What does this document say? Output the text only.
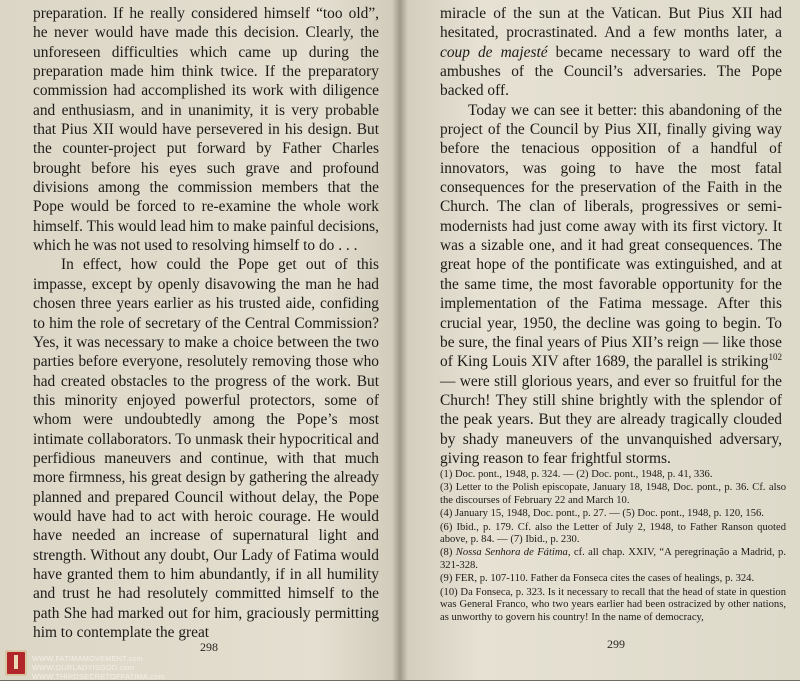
preparation. If he really considered himself “too old”, he never would have made this decision. Clearly, the unforeseen difficulties which came up during the preparation made him think twice. If the preparatory commission had accomplished its work with diligence and enthusiasm, and in unanimity, it is very probable that Pius XII would have persevered in his design. But the counter-project put forward by Father Charles brought before his eyes such grave and profound divisions among the commission members that the Pope would be forced to re-examine the whole work himself. This would lead him to make painful decisions, which he was not used to resolving himself to do . . .

In effect, how could the Pope get out of this impasse, except by openly disavowing the man he had chosen three years earlier as his trusted aide, confiding to him the role of secretary of the Central Commission? Yes, it was necessary to make a choice between the two parties before everyone, resolutely removing those who had created obstacles to the progress of the work. But this minority enjoyed powerful protectors, some of whom were undoubtedly among the Pope’s most intimate collaborators. To unmask their hypocritical and perfidious maneuvers and continue, with that much more firmness, his great design by gathering the already planned and prepared Council without delay, the Pope would have had to act with heroic courage. He would have needed an increase of supernatural light and strength. Without any doubt, Our Lady of Fatima would have granted them to him abundantly, if in all humility and trust he had resolutely committed himself to the path She had marked out for him, graciously permitting him to contemplate the great

298

miracle of the sun at the Vatican. But Pius XII had hesitated, procrastinated. And a few months later, a coup de majesté became necessary to ward off the ambushes of the Council’s adversaries. The Pope backed off.

Today we can see it better: this abandoning of the project of the Council by Pius XII, finally giving way before the tenacious opposition of a handful of innovators, was going to have the most fatal consequences for the preservation of the Faith in the Church. The clan of liberals, progressives or semi-modernists had just come away with its first victory. It was a sizable one, and it had great consequences. The great hope of the pontificate was extinguished, and at the same time, the most favorable opportunity for the implementation of the Fatima message. After this crucial year, 1950, the decline was going to begin. To be sure, the final years of Pius XII’s reign — like those of King Louis XIV after 1689, the parallel is striking$^{102}$ — were still glorious years, and ever so fruitful for the Church! They still shine brightly with the splendor of the peak years. But they are already tragically clouded by shady maneuvers of the unvanquished adversary, giving reason to fear frightful storms.

(1) Doc. pont., 1948, p. 324. — (2) Doc. pont., 1948, p. 41, 336.

(3) Letter to the Polish episcopate, January 18, 1948, Doc. pont., p. 36. Cf. also the discourses of February 22 and March 10.

(4) January 15, 1948, Doc. pont., p. 27. — (5) Doc. pont., 1948, p. 120, 156.

(6) Ibid., p. 179. Cf. also the Letter of July 2, 1948, to Father Ranson quoted above, p. 84. — (7) Ibid., p. 230.

(8) Nossa Senhora de Fátima, cf. all chap. XXIV, “A peregrinação a Madrid, p. 321-328.

(9) FER, p. 107-110. Father da Fonseca cites the cases of healings, p. 324.

(10) Da Fonseca, p. 323. Is it necessary to recall that the head of state in question was General Franco, who two years earlier had been ostracized by other nations, as unworthy to govern his country! In the name of democracy,

299
WWW.FATIMAMOVEMENT.com
WWW.OURLADYISGOD.com
WWW.THIRDSECRETOFFATIMA.com
